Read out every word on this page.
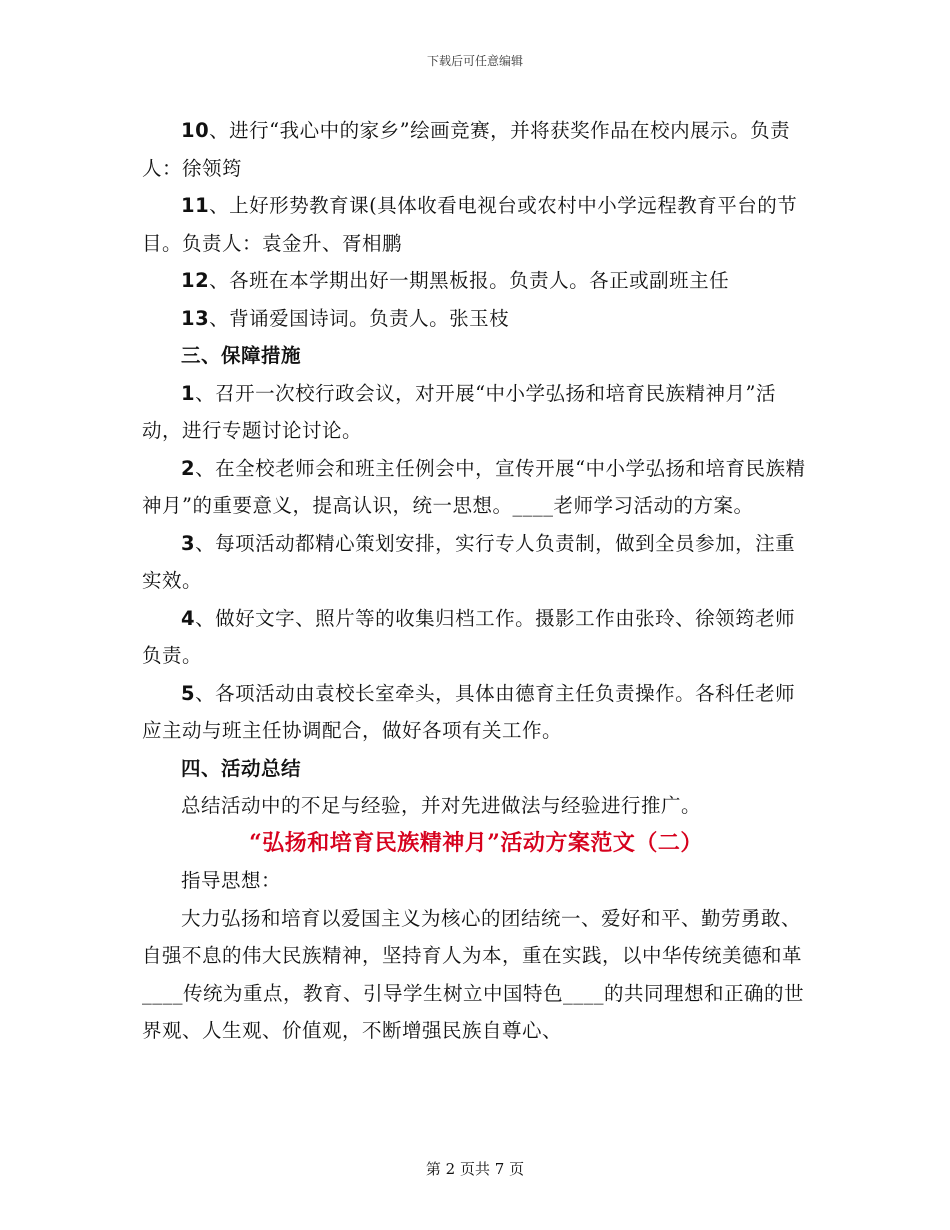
下载后可任意编辑

10、进行“我心中的家乡”绘画竞赛，并将获奖作品在校内展示。负责人：徐领筠

11、上好形势教育课(具体收看电视台或农村中小学远程教育平台的节目。负责人：袁金升、胥相鹏

12、各班在本学期出好一期黑板报。负责人。各正或副班主任

13、背诵爱国诗词。负责人。张玉枝

三、保障措施

1、召开一次校行政会议，对开展“中小学弘扬和培育民族精神月”活动，进行专题讨论讨论。

2、在全校老师会和班主任例会中，宣传开展“中小学弘扬和培育民族精神月”的重要意义，提高认识，统一思想。____老师学习活动的方案。

3、每项活动都精心策划安排，实行专人负责制，做到全员参加，注重实效。

4、做好文字、照片等的收集归档工作。摄影工作由张玲、徐领筠老师负责。

5、各项活动由袁校长室牵头，具体由德育主任负责操作。各科任老师应主动与班主任协调配合，做好各项有关工作。

四、活动总结

总结活动中的不足与经验，并对先进做法与经验进行推广。

“弘扬和培育民族精神月”活动方案范文（二）

指导思想：

大力弘扬和培育以爱国主义为核心的团结统一、爱好和平、勤劳勇敢、自强不息的伟大民族精神，坚持育人为本，重在实践，以中华传统美德和革____传统为重点，教育、引导学生树立中国特色____的共同理想和正确的世界观、人生观、价值观，不断增强民族自尊心、

第 2 页共 7 页
